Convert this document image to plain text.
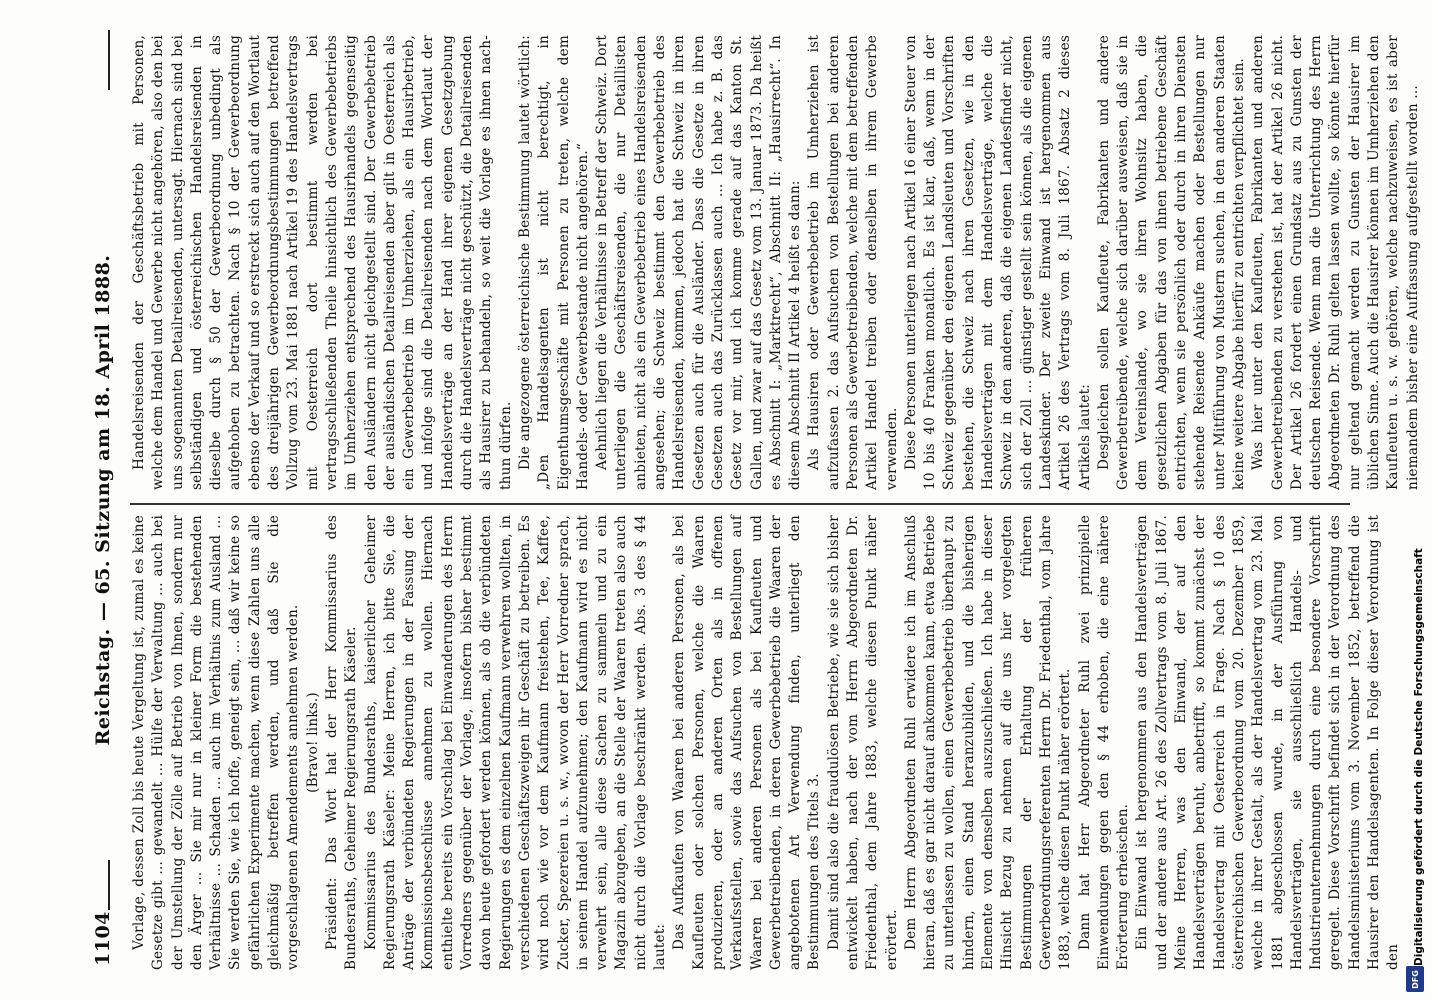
1104
Reichstag. — 65. Sitzung am 18. April 1888. Vorlage, dessen Zoll bis heute Vergeltung ist, zumal es keine Gesetze gibt ... gewandelt ... Hülfe der Verwaltung ... auch bei der Umstellung der Zölle auf Betrieb von Ihnen, sondern nur den Ärger ... Sie mir nur in kleiner Form die bestehenden Verhältnisse ... Schaden ... auch im Verhältnis zum Ausland ... Sie werden Sie, wie ich hoffe, geneigt sein, ... daß wir keine so gefährlichen Experimente machen, wenn diese Zahlen uns alle gleichmäßig betreffen werden, und daß Sie die vorgeschlagenen Amendements annehmen werden. (Bravo! links.) Präsident: Das Wort hat der Herr Kommissarius des Bundesraths, Geheimer Regierungsrath Käseler. Kommissarius des Bundesraths, kaiserlicher Geheimer Regierungsrath Käseler: Meine Herren, ich bitte Sie, die Anträge der verbündeten Regierungen in der Fassung der Kommissionsbeschlüsse annehmen zu wollen. Hiernach enthielte bereits ein Vorschlag bei Einwanderungen des Herrn Vorredners gegenüber der Vorlage, insofern bisher bestimmt davon heute gefordert werden können, als ob die verbündeten Regierungen es dem einzelnen Kaufmann verwehren wollten, in verschiedenen Geschäftszweigen ihr Geschäft zu betreiben. Es wird noch wie vor dem Kaufmann freistehen, Tee, Kaffee, Zucker, Spezereien u. s. w., wovon der Herr Vorredner sprach, in seinem Handel aufzunehmen; den Kaufmann wird es nicht verwehrt sein, alle diese Sachen zu sammeln und zu ein Magazin abzugeben, an die Stelle der Waaren treten also auch nicht durch die Vorlage beschränkt werden. Abs. 3 des § 44 lautet: Das Aufkaufen von Waaren bei anderen Personen, als bei Kaufleuten oder solchen Personen, welche die Waaren produzieren, oder an anderen Orten als in offenen Verkaufsstellen, sowie das Aufsuchen von Bestellungen auf Waaren bei anderen Personen als bei Kaufleuten und Gewerbetreibenden, in deren Gewerbebetrieb die Waaren der angebotenen Art Verwendung finden, unterliegt den Bestimmungen des Titels 3. Damit sind also die fraudulösen Betriebe, wie sie sich bisher entwickelt haben, nach der vom Herrn Abgeordneten Dr. Friedenthal, dem Jahre 1883, welche diesen Punkt näher erörtert. Dem Herrn Abgeordneten Ruhl erwidere ich im Anschluß hieran, daß es gar nicht darauf ankommen kann, etwa Betriebe zu unterlassen zu wollen, einen Gewerbebetrieb überhaupt zu hindern, einen Stand heranzubilden, und die bisherigen Elemente von denselben auszuschließen. Ich habe in dieser Hinsicht Bezug zu nehmen auf die uns hier vorgelegten Bestimmungen der Erhaltung der früheren Gewerbeordnungsreferenten Herrn Dr. Friedenthal, vom Jahre 1883, welche diesen Punkt näher erörtert. Dann hat Herr Abgeordneter Ruhl zwei prinzipielle Einwendungen gegen den § 44 erhoben, die eine nähere Erörterung erheischen. Ein Einwand ist hergenommen aus den Handelsverträgen und der andere aus Art. 26 des Zollvertrags vom 8. Juli 1867. Meine Herren, was den Einwand, der auf den Handelsverträgen beruht, anbetrifft, so kommt zunächst der Handelsvertrag mit Oesterreich in Frage. Nach § 10 des österreichischen Gewerbeordnung vom 20. Dezember 1859, welche in ihrer Gestalt, als der Handelsvertrag vom 23. Mai 1881 abgeschlossen wurde, in der Ausführung von Handelsverträgen, sie ausschließlich Handels- und Industrieunternehmungen durch eine besondere Vorschrift geregelt. Diese Vorschrift befindet sich in der Verordnung des Handelsministeriums vom 3. November 1852, betreffend die Hausirer den Handelsagenten. In Folge dieser Verordnung ist den

Handelsreisenden der Geschäftsbetrieb mit Personen, welche dem Handel und Gewerbe nicht angehören, also den bei uns sogenannten Detailreisenden, untersagt. Hiernach sind bei selbständigen und österreichischen Handelsreisenden in dieselbe durch § 50 der Gewerbeordnung unbedingt als aufgehoben zu betrachten. Nach § 10 der Gewerbeordnung ebenso der Verkauf und so erstreckt sich auch auf den Wortlaut des dreijährigen Gewerbeordnungsbestimmungen betreffend Vollzug vom 23. Mai 1881 nach Artikel 19 des Handelsvertrags mit Oesterreich dort bestimmt werden bei vertragsschließenden Theile hinsichtlich des Gewerbebetriebs im Umherziehen entsprechend des Hausirhandels gegenseitig den Ausländern nicht gleichgestellt sind. Der Gewerbebetrieb der ausländischen Detailreisenden aber gilt in Oesterreich als ein Gewerbebetrieb im Umherziehen, als ein Hausirbetrieb, und infolge sind die Detailreisenden nach dem Wortlaut der Handelsverträge an der Hand ihrer eigenen Gesetzgebung durch die Handelsverträge nicht geschützt, die Detailreisenden als Hausirer zu behandeln, so weit die Vorlage es ihnen nach- thun dürfen. Die angezogene österreichische Bestimmung lautet wörtlich: „Den Handelsagenten ist nicht berechtigt, in Eigenthumsgeschäfte mit Personen zu treten, welche dem Handels- oder Gewerbestande nicht angehören.“ Aehnlich liegen die Verhältnisse in Betreff der Schweiz. Dort unterliegen die Geschäftsreisenden, die nur Detaillisten anbieten, nicht als ein Gewerbebetrieb eines Handelsreisenden angesehen; die Schweiz bestimmt den Gewerbebetrieb des Handelsreisenden, kommen, jedoch hat die Schweiz in ihren Gesetzen auch für die Ausländer. Dass die Gesetze in ihren Gesetzen auch das Zurücklassen auch ... Ich habe z. B. das Gesetz vor mir, und ich komme gerade auf das Kanton St. Gallen, und zwar auf das Gesetz vom 13. Januar 1873. Da heißt es Abschnitt I: „Marktrecht“, Abschnitt II: „Hausirrecht“. In diesem Abschnitt II Artikel 4 heißt es dann: Als Hausiren oder Gewerbebetrieb im Umherziehen ist aufzufassen 2. das Aufsuchen von Bestellungen bei anderen Personen als Gewerbetreibenden, welche mit dem betreffenden Artikel Handel treiben oder denselben in ihrem Gewerbe verwenden. Diese Personen unterliegen nach Artikel 16 einer Steuer von 10 bis 40 Franken monatlich. Es ist klar, daß, wenn in der Schweiz gegenüber den eigenen Landsleuten und Vorschriften bestehen, die Schweiz nach ihren Gesetzen, wie in den Handelsverträgen mit dem Handelsverträge, welche die Schweiz in den anderen, daß die eigenen Landesfinder nicht, sich der Zoll ... günstiger gestellt sein können, als die eigenen Landeskinder. Der zweite Einwand ist hergenommen aus Artikel 26 des Vertrags vom 8. Juli 1867. Absatz 2 dieses Artikels lautet: Desgleichen sollen Kaufleute, Fabrikanten und andere Gewerbetreibende, welche sich darüber ausweisen, daß sie in dem Vereinslande, wo sie ihren Wohnsitz haben, die gesetzlichen Abgaben für das von ihnen betriebene Geschäft entrichten, wenn sie persönlich oder durch in ihren Diensten stehende Reisende Ankäufe machen oder Bestellungen nur unter Mitführung von Mustern suchen, in den anderen Staaten keine weitere Abgabe hierfür zu entrichten verpflichtet sein. Was hier unter den Kaufleuten, Fabrikanten und anderen Gewerbetreibenden zu verstehen ist, hat der Artikel 26 nicht. Der Artikel 26 fordert einen Grundsatz aus zu Gunsten der deutschen Reisende. Wenn man die Unterrichtung des Herrn Abgeordneten Dr. Ruhl gelten lassen wollte, so könnte hierfür nur geltend gemacht werden zu Gunsten der Hausirer im üblichen Sinne. Auch die Hausirer können im Umherziehen den Kaufleuten u. s. w. gehören, welche nachzuweisen, es ist aber niemandem bisher eine Auffassung aufgestellt worden ...

Digitalisierung gefördert durch die Deutsche Forschungsgemeinschaft
DFG
